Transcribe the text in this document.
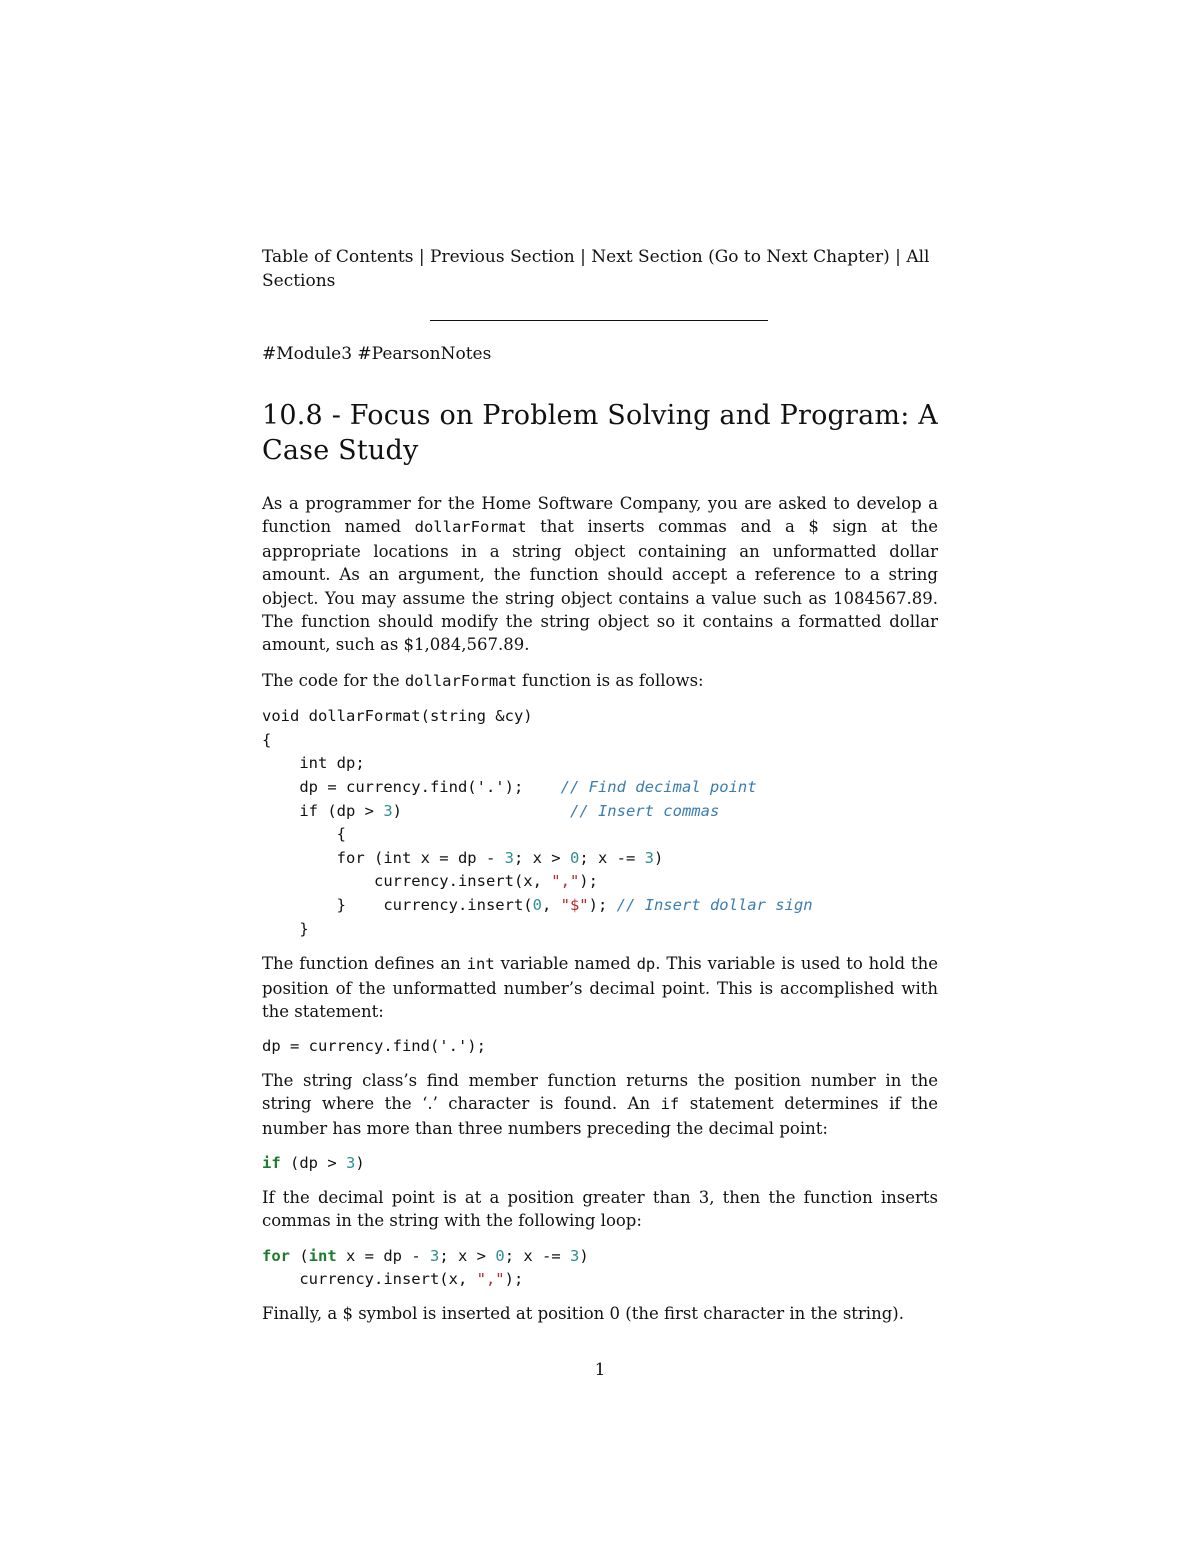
Table of Contents | Previous Section | Next Section (Go to Next Chapter) | All Sections

#Module3 #PearsonNotes

10.8 - Focus on Problem Solving and Program: A Case Study

As a programmer for the Home Software Company, you are asked to develop a function named dollarFormat that inserts commas and a $ sign at the appropriate locations in a string object containing an unformatted dollar amount. As an argument, the function should accept a reference to a string object. You may assume the string object contains a value such as 1084567.89. The function should modify the string object so it contains a formatted dollar amount, such as $1,084,567.89.

The code for the dollarFormat function is as follows:

void dollarFormat(string &cy)
{
int dp;
dp = currency.find('.');    // Find decimal point
if (dp > 3)                  // Insert commas
{
for (int x = dp - 3; x > 0; x -= 3)
currency.insert(x, ",");
}    currency.insert(0, "$"); // Insert dollar sign
}

The function defines an int variable named dp. This variable is used to hold the position of the unformatted number’s decimal point. This is accomplished with the statement:

dp = currency.find('.');

The string class’s find member function returns the position number in the string where the ‘.’ character is found. An if statement determines if the number has more than three numbers preceding the decimal point:

if (dp > 3)

If the decimal point is at a position greater than 3, then the function inserts commas in the string with the following loop:

for (int x = dp - 3; x > 0; x -= 3)
currency.insert(x, ",");

Finally, a $ symbol is inserted at position 0 (the first character in the string).

1
